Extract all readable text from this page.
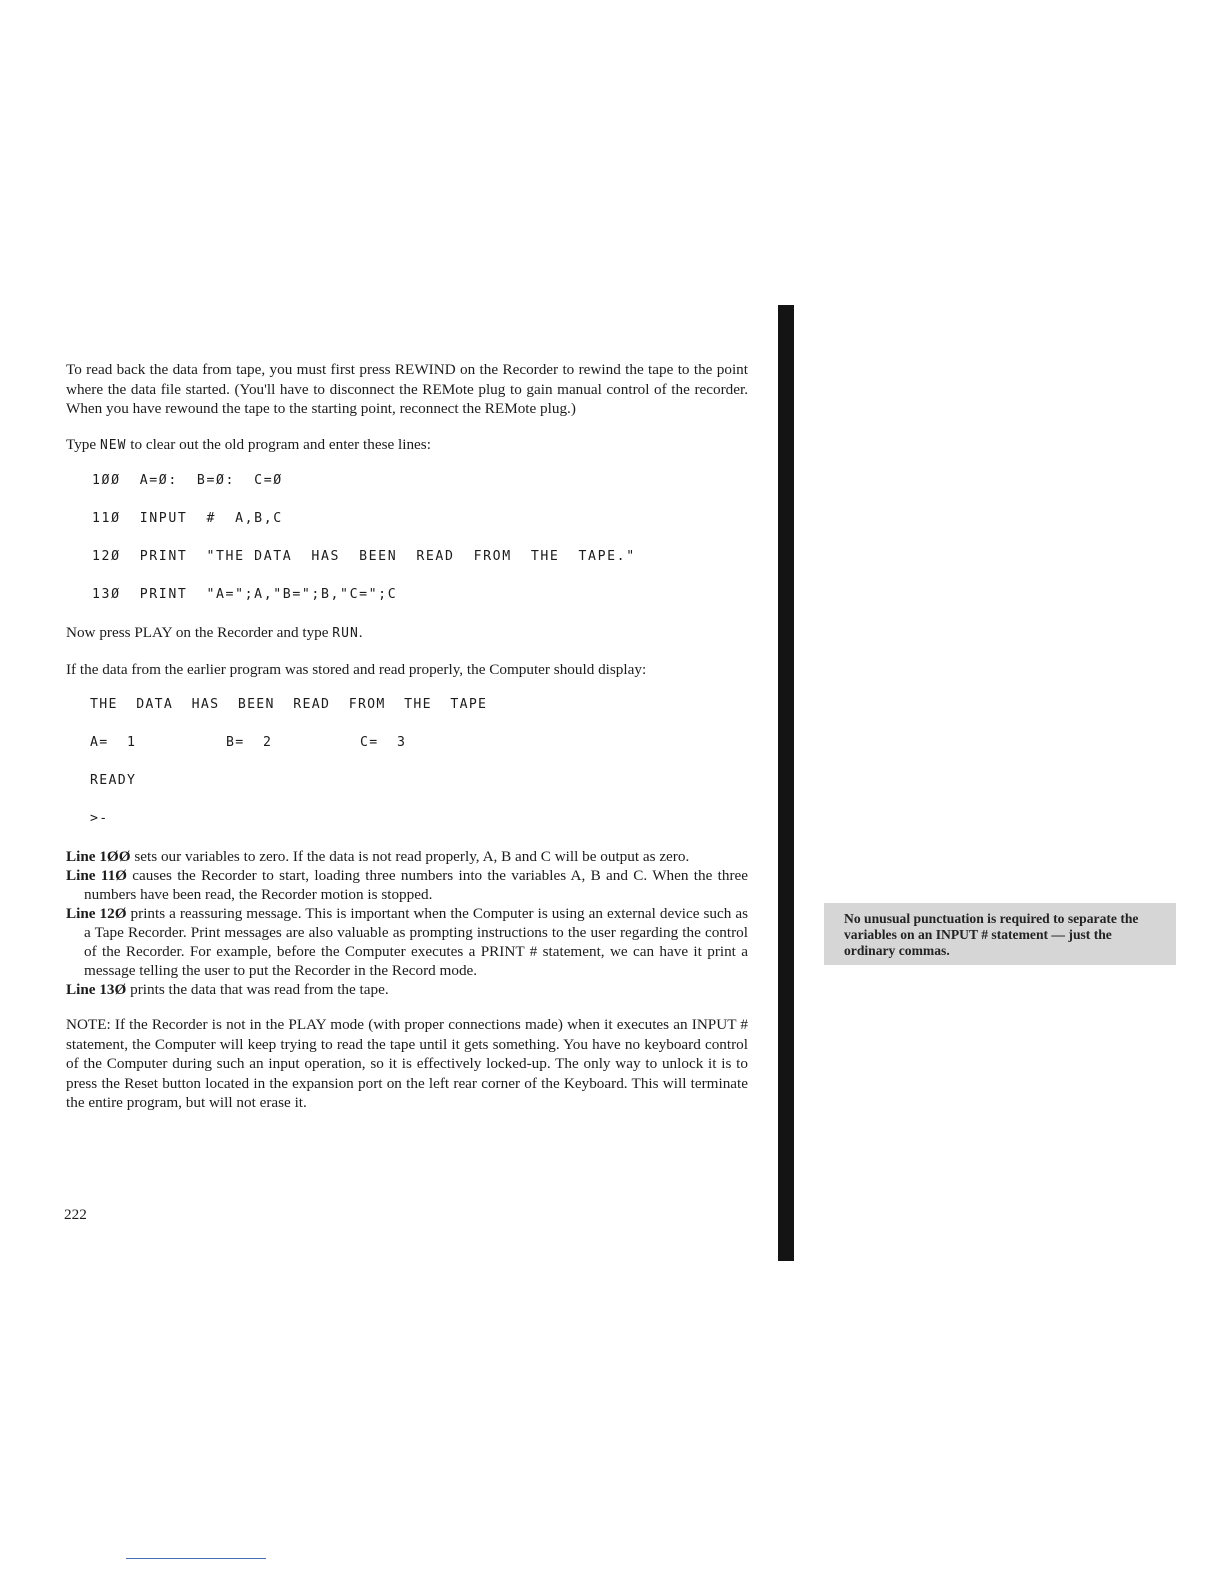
To read back the data from tape, you must first press REWIND on the Recorder to rewind the tape to the point where the data file started. (You'll have to disconnect the REMote plug to gain manual control of the recorder. When you have rewound the tape to the starting point, reconnect the REMote plug.)

Type NEW to clear out the old program and enter these lines:

1ØØ  A=Ø:  B=Ø:  C=Ø
11Ø  INPUT  #  A,B,C
12Ø  PRINT  "THE DATA  HAS  BEEN  READ  FROM  THE  TAPE."
13Ø  PRINT  "A=";A,"B=";B,"C=";C

Now press PLAY on the Recorder and type RUN.

If the data from the earlier program was stored and read properly, the Computer should display:

THE  DATA  HAS  BEEN  READ  FROM  THE  TAPE
A=  1	B=  2	C=  3
READY
>-
Line 1ØØ sets our variables to zero. If the data is not read properly, A, B and C will be output as zero.
Line 11Ø causes the Recorder to start, loading three numbers into the variables A, B and C. When the three numbers have been read, the Recorder motion is stopped.
Line 12Ø prints a reassuring message. This is important when the Computer is using an external device such as a Tape Recorder. Print messages are also valuable as prompting instructions to the user regarding the control of the Recorder. For example, before the Computer executes a PRINT # statement, we can have it print a message telling the user to put the Recorder in the Record mode.
Line 13Ø prints the data that was read from the tape.

NOTE: If the Recorder is not in the PLAY mode (with proper connections made) when it executes an INPUT # statement, the Computer will keep trying to read the tape until it gets something. You have no keyboard control of the Computer during such an input operation, so it is effectively locked-up. The only way to unlock it is to press the Reset button located in the expansion port on the left rear corner of the Keyboard. This will terminate the entire program, but will not erase it.

222
No unusual punctuation is required to separate the variables on an INPUT # statement — just the ordinary commas.
